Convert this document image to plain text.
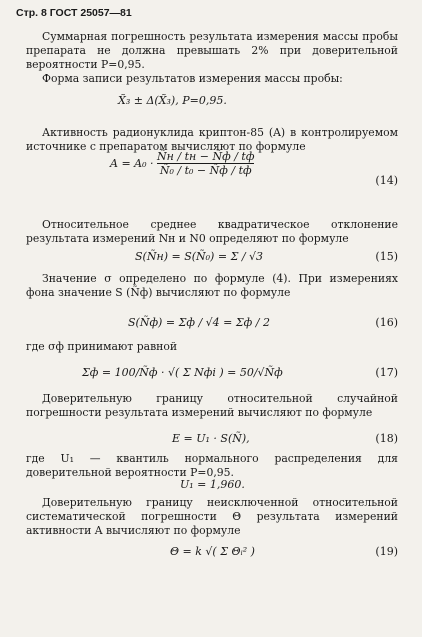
Стр. 8 ГОСТ 25057—81
Суммарная погрешность результата измерения массы пробы препарата не должна превышать 2% при доверительной вероятности P=0,95.
Форма записи результатов измерения массы пробы:
X̃₃ ± Δ(X̃₃), P=0,95.
Активность радионуклида криптон-85 (A) в контролируемом источнике с препаратом вычисляют по формуле
$A = A_0 \cdot \frac{Ñн / tн - Ñф / tф}{\text{Ñ₀ / t₀ − Ñф / tф}}$
(14)
Относительное среднее квадратическое отклонение результата измерений Nн и N0 определяют по формуле
S(Ñн) = S(Ñ₀) = Σ / √3	(15)
Значение σ определено по формуле (4). При измерениях фона значение S (Ñф) вычисляют по формуле
S(Ñф) = Σф / √4 = Σф / 2	(16)
где σф принимают равной
Σф = 100/Ñф · √( Σ Nфi ) = 50/√Ñф	(17)
Доверительную границу относительной случайной погрешности результата измерений вычисляют по формуле
E = U₁ · S(Ñ),	(18)
где U₁ — квантиль нормального распределения для доверительной вероятности P=0,95.
U₁ = 1,960.
Доверительную границу неисключенной относительной систематической погрешности Θ результата измерений активности A вычисляют по формуле
Θ = k √( Σ Θᵢ² )	(19)
